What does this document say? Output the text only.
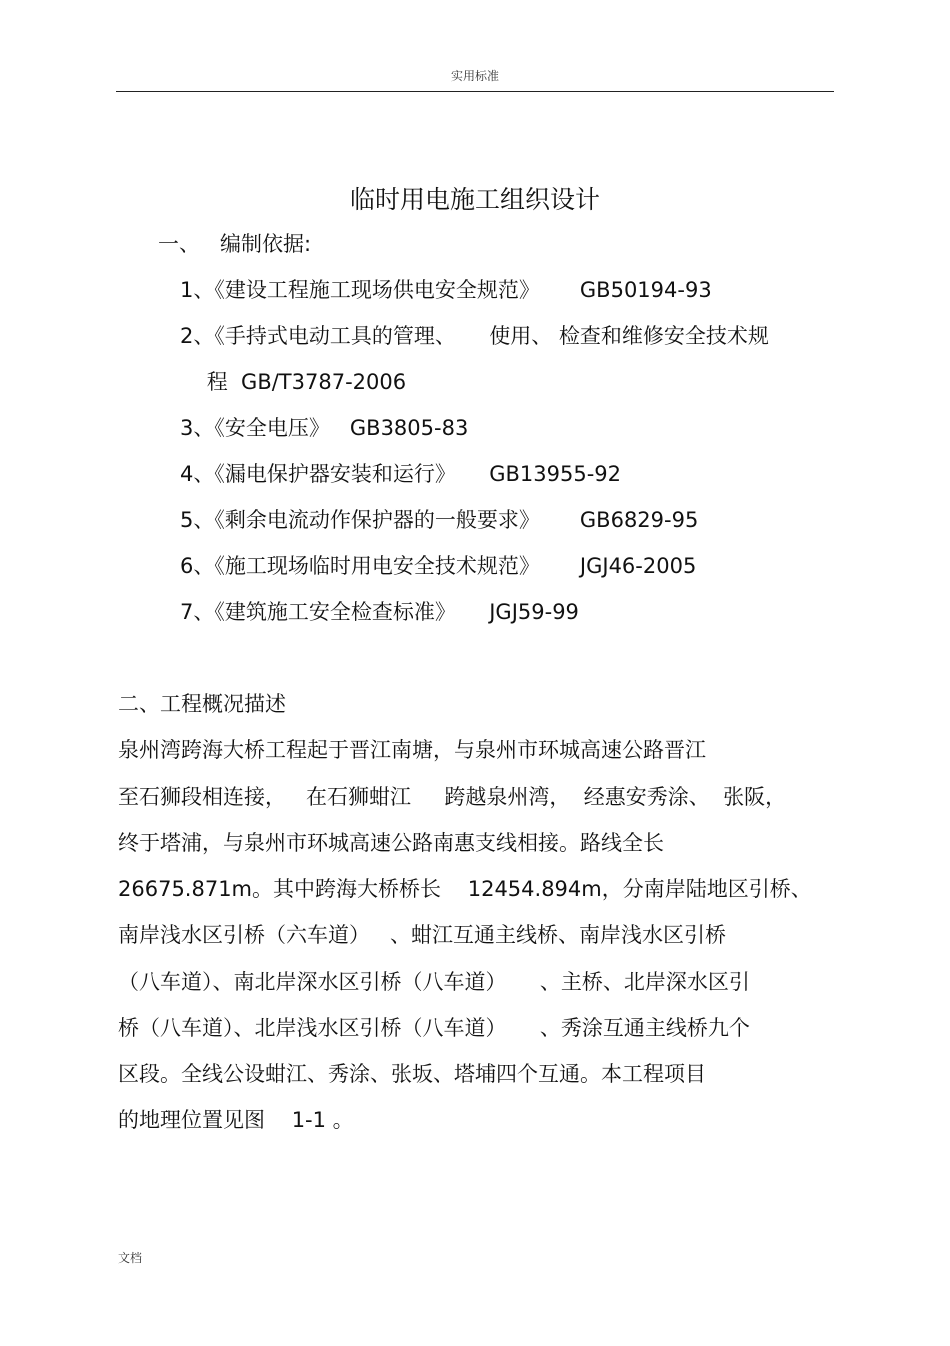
实用标准
临时用电施工组织设计
一、   编制依据:
1、《建设工程施工现场供电安全规范》      GB50194-93
2、《手持式电动工具的管理、     使用、 检查和维修安全技术规
程  GB/T3787-2006
3、《安全电压》   GB3805-83
4、《漏电保护器安装和运行》     GB13955-92
5、《剩余电流动作保护器的一般要求》      GB6829-95
6、《施工现场临时用电安全技术规范》      JGJ46-2005
7、《建筑施工安全检查标准》     JGJ59-99
二、工程概况描述
泉州湾跨海大桥工程起于晋江南塘，与泉州市环城高速公路晋江
至石狮段相连接，   在石狮蚶江     跨越泉州湾，  经惠安秀涂、  张阪，
终于塔浦，与泉州市环城高速公路南惠支线相接。路线全长
26675.871m。其中跨海大桥桥长    12454.894m，分南岸陆地区引桥、
南岸浅水区引桥（六车道）   、蚶江互通主线桥、南岸浅水区引桥
（八车道）、南北岸深水区引桥（八车道）     、主桥、北岸深水区引
桥（八车道）、北岸浅水区引桥（八车道）     、秀涂互通主线桥九个
区段。全线公设蚶江、秀涂、张坂、塔埔四个互通。本工程项目
的地理位置见图    1-1 。
文档
